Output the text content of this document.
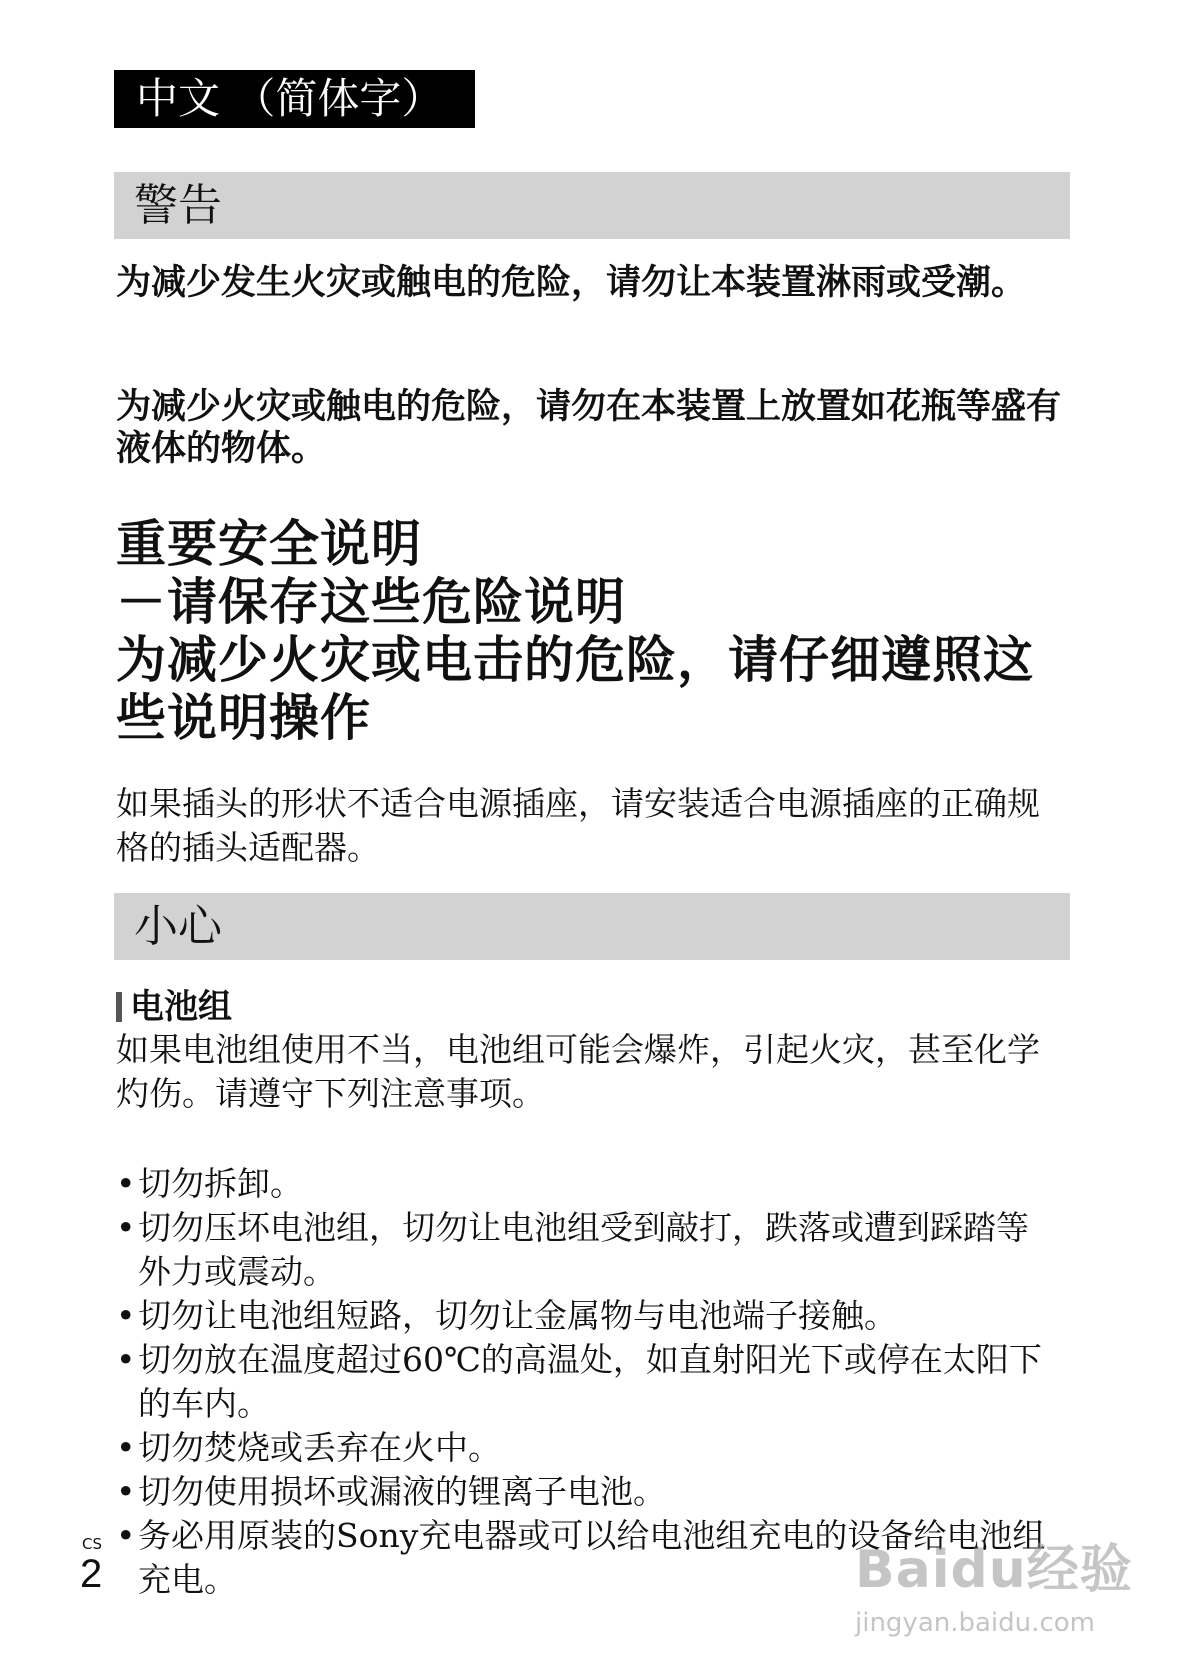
中文 （简体字）
警告

为减少发生火灾或触电的危险，请勿让本装置淋雨或受潮。

为减少火灾或触电的危险，请勿在本装置上放置如花瓶等盛有液体的物体。

重要安全说明
－请保存这些危险说明
为减少火灾或电击的危险，请仔细遵照这些说明操作

如果插头的形状不适合电源插座，请安装适合电源插座的正确规格的插头适配器。

小心
电池组

如果电池组使用不当，电池组可能会爆炸，引起火灾，甚至化学灼伤。请遵守下列注意事项。

• 切勿拆卸。
• 切勿压坏电池组，切勿让电池组受到敲打，跌落或遭到踩踏等外力或震动。
• 切勿让电池组短路，切勿让金属物与电池端子接触。
• 切勿放在温度超过60℃的高温处，如直射阳光下或停在太阳下的车内。
• 切勿焚烧或丢弃在火中。
• 切勿使用损坏或漏液的锂离子电池。
• 务必用原装的Sony充电器或可以给电池组充电的设备给电池组充电。
CS
2	Baidu经验
jingyan.baidu.com
